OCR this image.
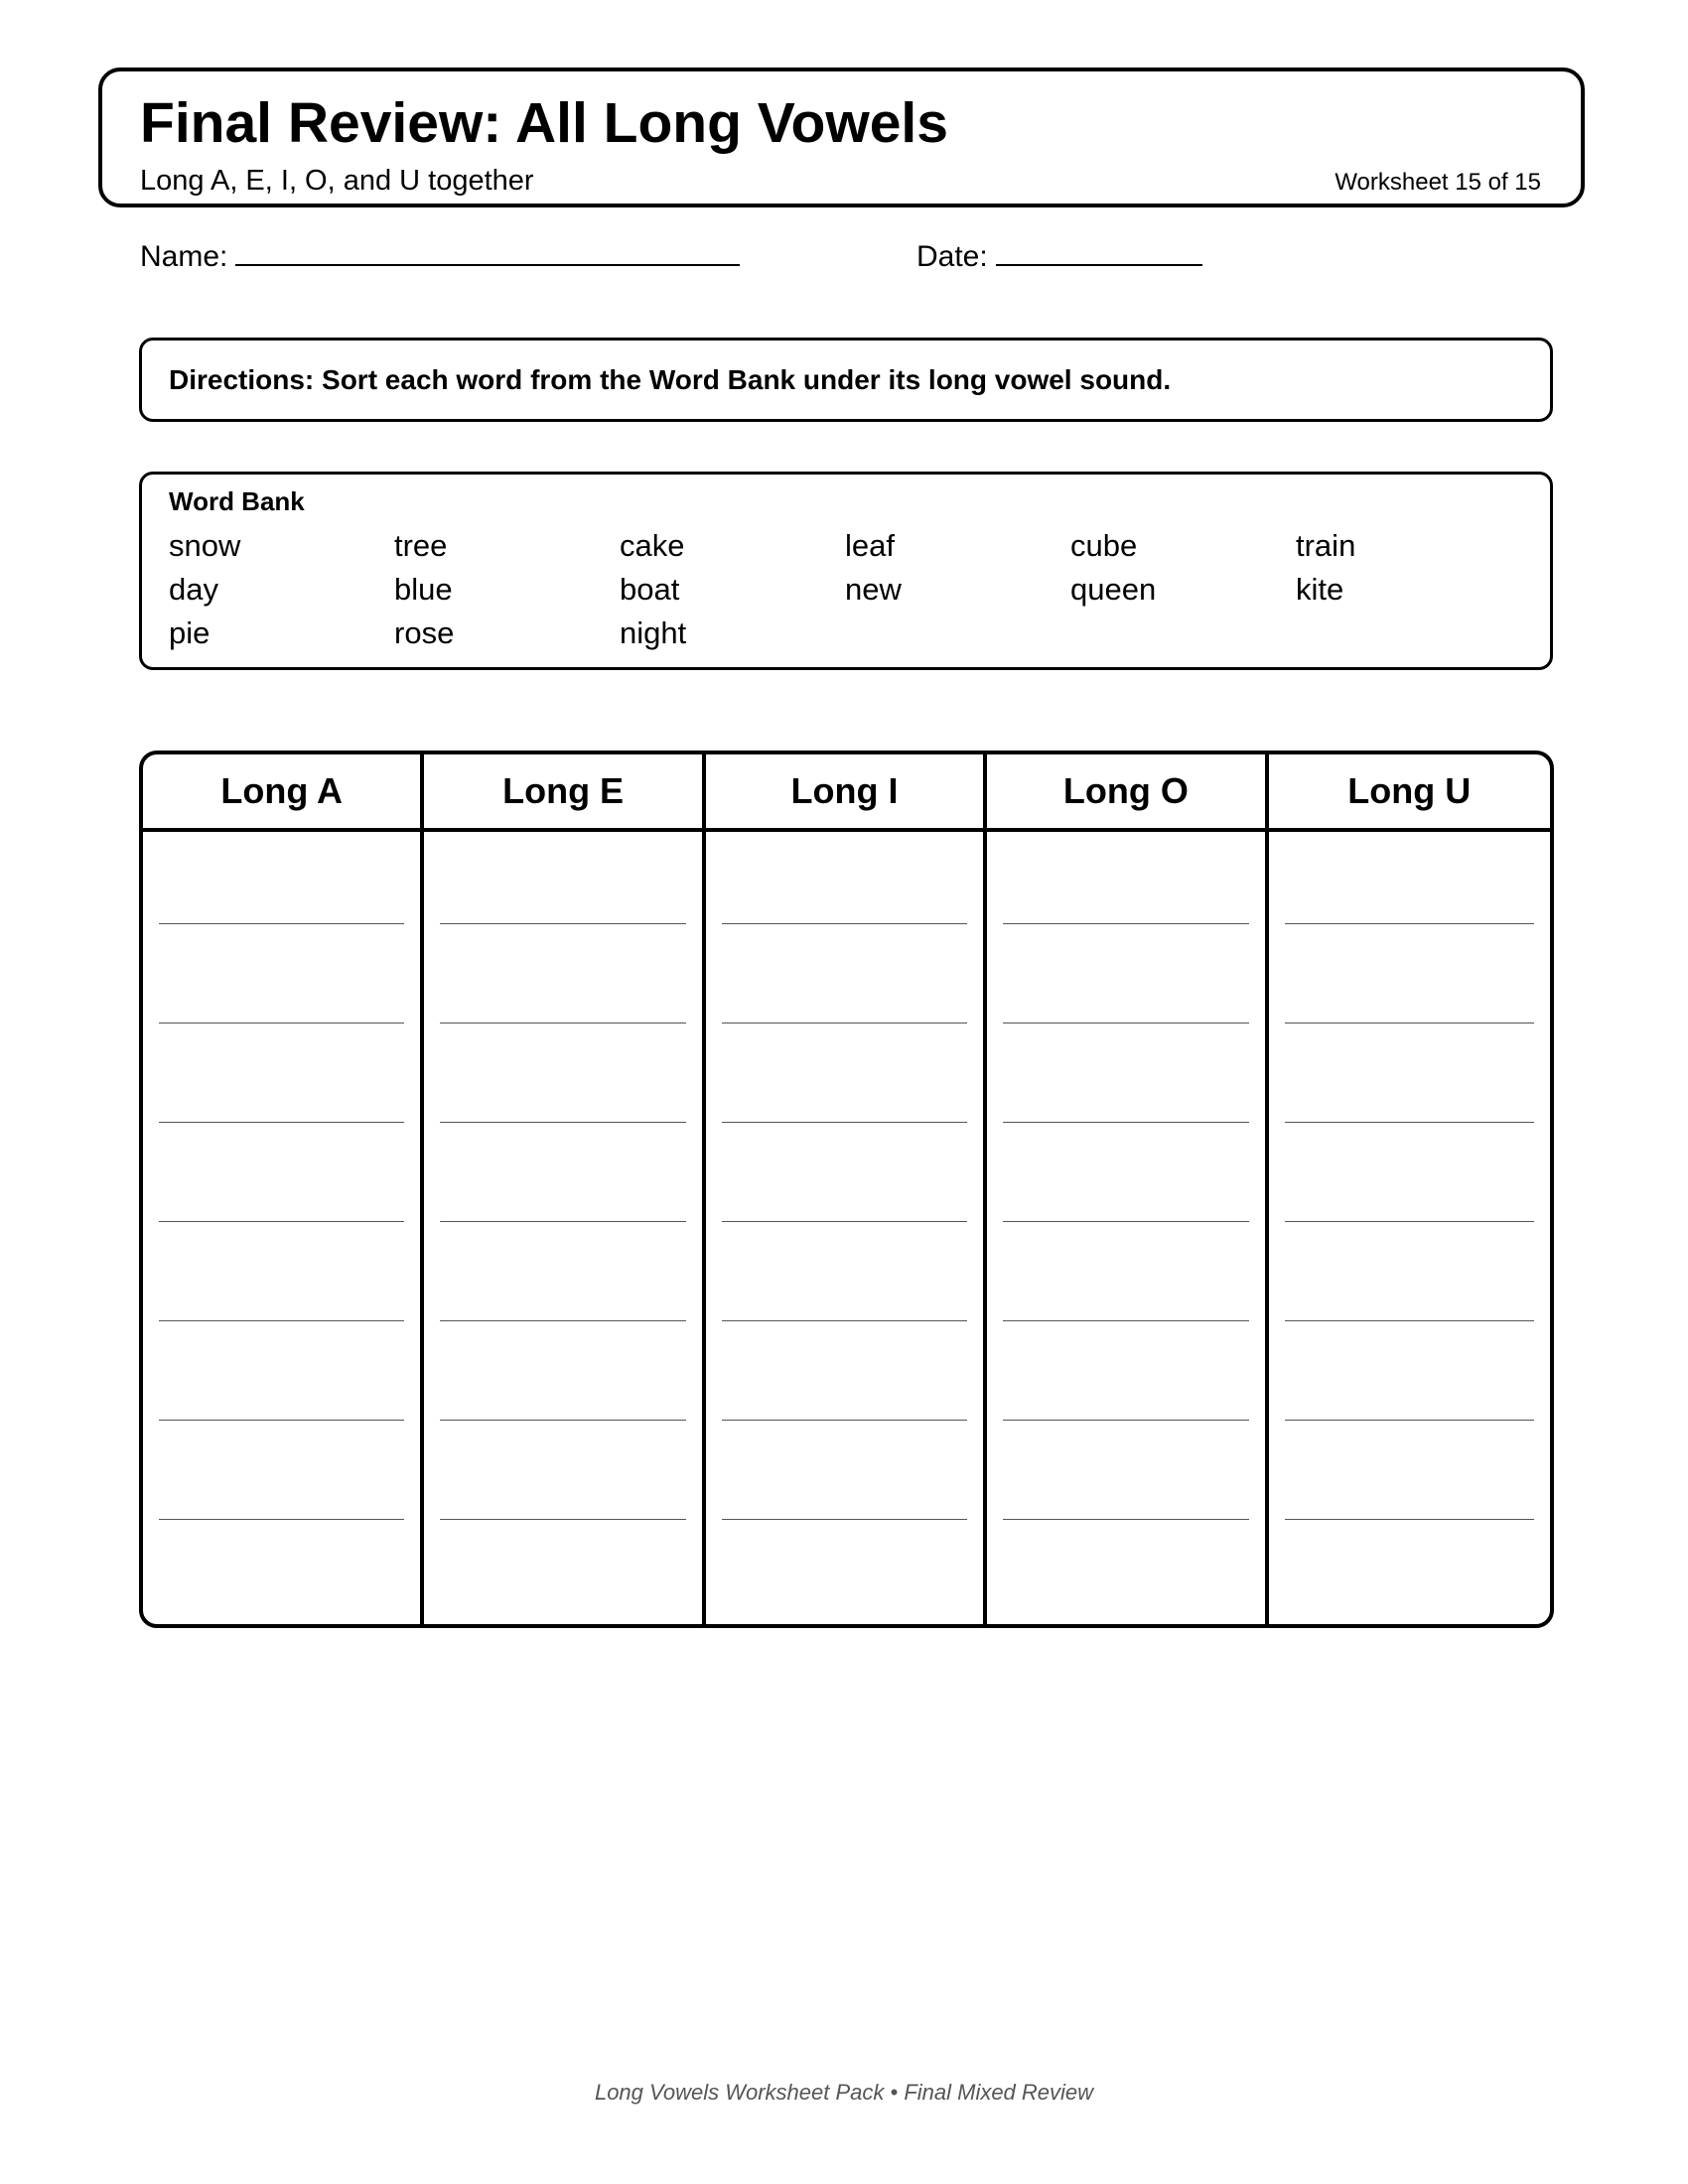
Final Review: All Long Vowels
Long A, E, I, O, and U together	Worksheet 15 of 15
Name:	Date:
Directions: Sort each word from the Word Bank under its long vowel sound.
Word Bank
snow	tree	cake	leaf	cube	train
day	blue	boat	new	queen	kite
pie	rose	night
Long A	Long E	Long I	Long O	Long U
Long Vowels Worksheet Pack • Final Mixed Review
